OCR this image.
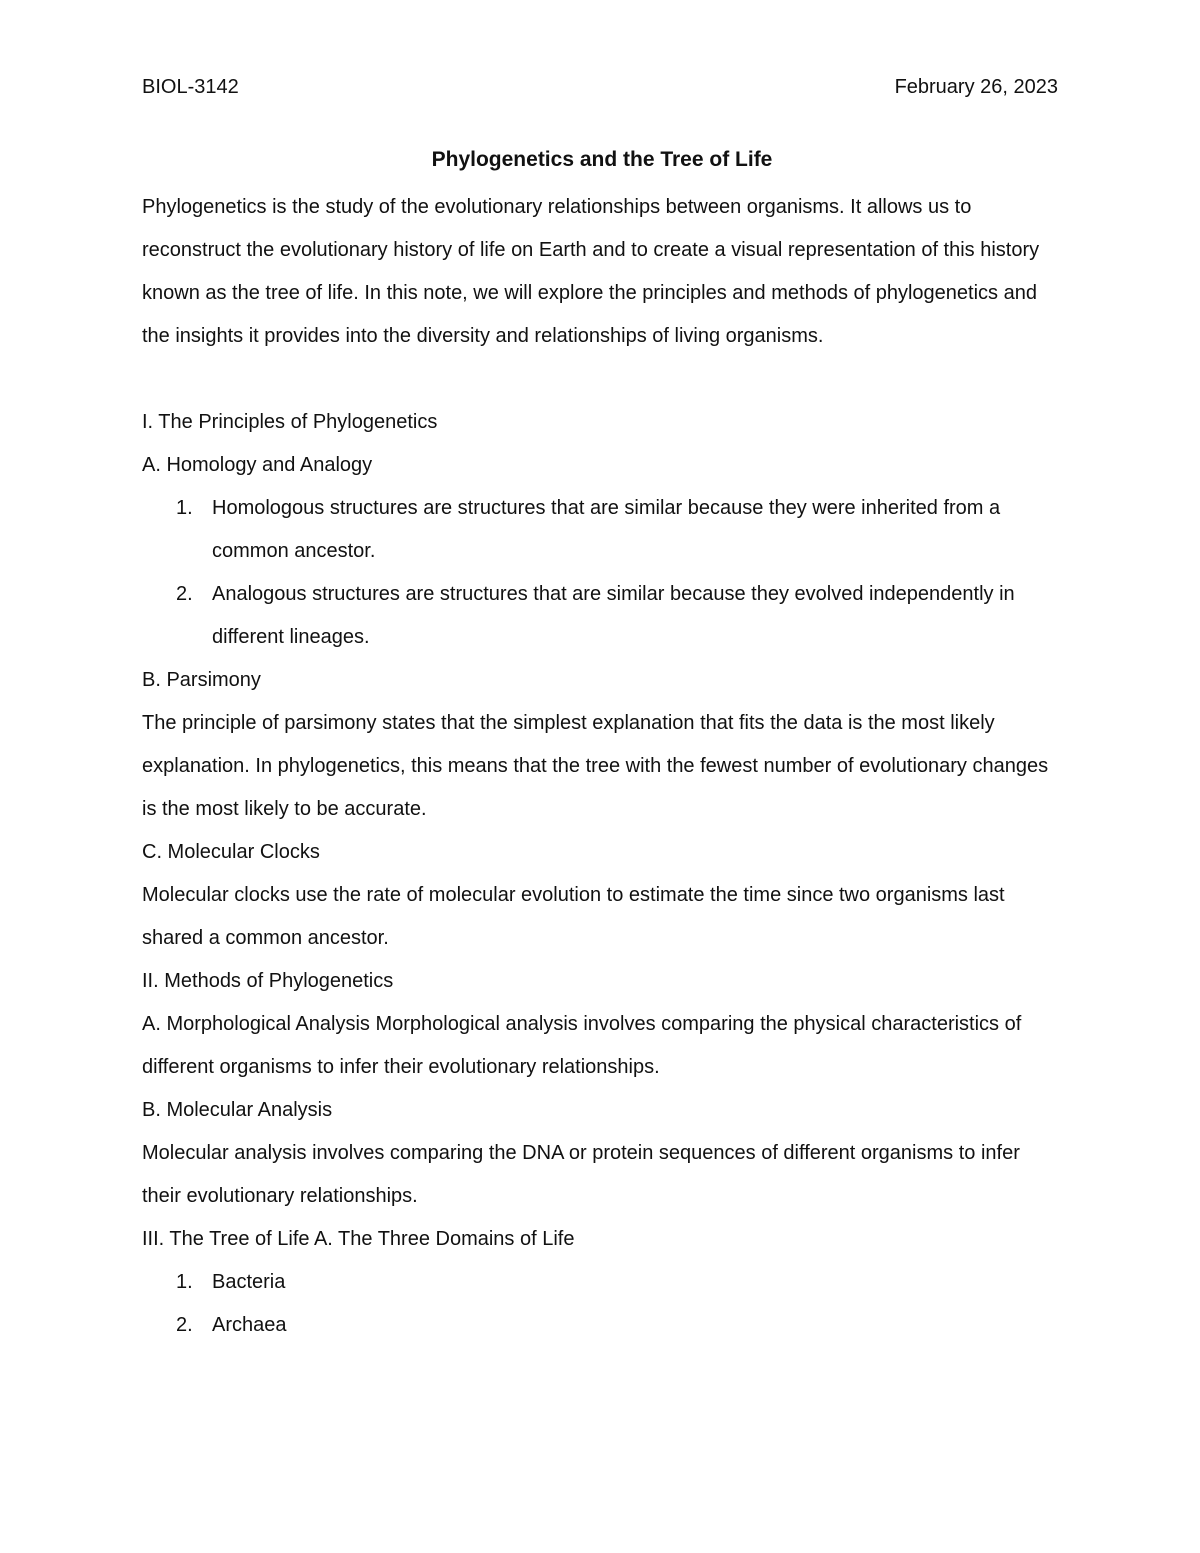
BIOL-3142	February 26, 2023
Phylogenetics and the Tree of Life

Phylogenetics is the study of the evolutionary relationships between organisms. It allows us to reconstruct the evolutionary history of life on Earth and to create a visual representation of this history known as the tree of life. In this note, we will explore the principles and methods of phylogenetics and the insights it provides into the diversity and relationships of living organisms.

I. The Principles of Phylogenetics

A. Homology and Analogy

1. Homologous structures are structures that are similar because they were inherited from a common ancestor.
2. Analogous structures are structures that are similar because they evolved independently in different lineages.

B. Parsimony

The principle of parsimony states that the simplest explanation that fits the data is the most likely explanation. In phylogenetics, this means that the tree with the fewest number of evolutionary changes is the most likely to be accurate.

C. Molecular Clocks

Molecular clocks use the rate of molecular evolution to estimate the time since two organisms last shared a common ancestor.

II. Methods of Phylogenetics

A. Morphological Analysis Morphological analysis involves comparing the physical characteristics of different organisms to infer their evolutionary relationships.

B. Molecular Analysis

Molecular analysis involves comparing the DNA or protein sequences of different organisms to infer their evolutionary relationships.

III. The Tree of Life A. The Three Domains of Life

1. Bacteria
2. Archaea
